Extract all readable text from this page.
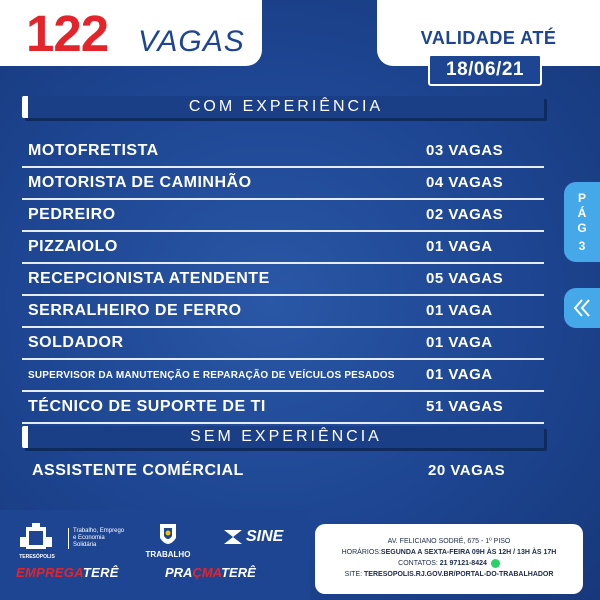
122 VAGAS	VALIDADE ATÉ
18/06/21
COM EXPERIÊNCIA
MOTOFRETISTA	03 VAGAS
MOTORISTA DE CAMINHÃO	04 VAGAS
PEDREIRO	02 VAGAS
PIZZAIOLO	01 VAGA
RECEPCIONISTA ATENDENTE	05 VAGAS
SERRALHEIRO DE FERRO	01 VAGA
SOLDADOR	01 VAGA
SUPERVISOR DA MANUTENÇÃO E REPARAÇÃO DE VEÍCULOS PESADOS 01 VAGA
TÉCNICO DE SUPORTE DE TI	51 VAGAS
SEM EXPERIÊNCIA
ASSISTENTE COMÉRCIAL	20 VAGAS
P
Á
G
3
TERESÓPOLIS
Trabalho, Emprego
e Economia
Solidária
TRABALHO
SINE
EMPREGATERÊ	PRAÇMATERÊ
AV. FELICIANO SODRÉ, 675 - 1º PISO
HORÁRIOS:SEGUNDA A SEXTA-FEIRA 09H ÀS 12H / 13H ÀS 17H
CONTATOS: 21 97121-8424
SITE: TERESOPOLIS.RJ.GOV.BR/PORTAL-DO-TRABALHADOR
